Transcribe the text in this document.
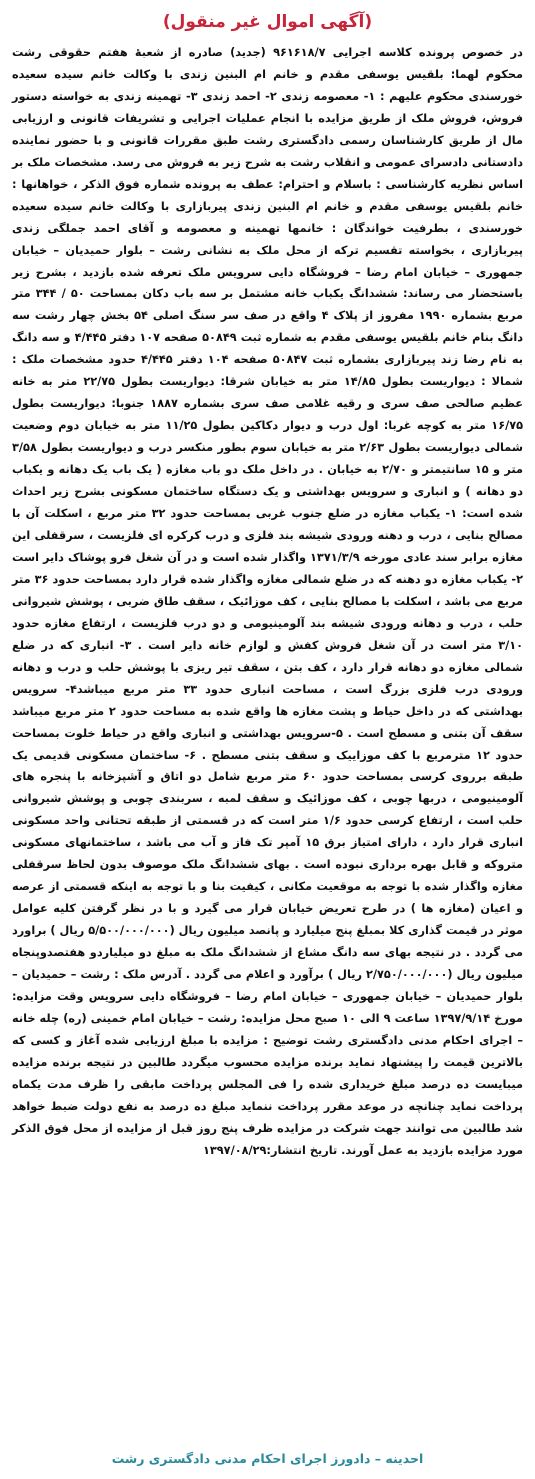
(آگهی اموال غیر منقول)
در خصوص پرونده کلاسه اجرایی ۹۶۱۶۱۸/۷ (جدید) صادره از شعبهٔ هفتم حقوقی رشت محکوم لهما: بلقیس یوسفی مقدم و خانم ام البنین زندی با وکالت خانم سیده سعیده خورسندی محکوم علیهم : ۱- معصومه زندی ۲- احمد زندی ۳- تهمینه زندی به خواسته دستور فروش، فروش ملک از طریق مزایده با انجام عملیات اجرایی و تشریفات قانونی و ارزیابی مال از طریق کارشناسان رسمی دادگستری رشت طبق مقررات قانونی و با حضور نماینده دادستانی دادسرای عمومی و انقلاب رشت به شرح زیر به فروش می رسد. مشخصات ملک بر اساس نظریه کارشناسی : باسلام و احترام: عطف به پرونده شماره فوق الذکر ، خواهانها : خانم بلقیس یوسفی مقدم و خانم ام البنین زندی پیربازاری با وکالت خانم سیده سعیده خورسندی ، بطرفیت خواندگان : خانمها تهمینه و معصومه و آقای احمد جملگی زندی پیربازاری ، بخواسته تقسیم ترکه از محل ملک به نشانی رشت – بلوار حمیدیان – خیابان جمهوری – خیابان امام رضا – فروشگاه دایی سرویس ملک تعرفه شده بازدید ، بشرح زیر باستحضار می رساند: ششدانگ یکباب خانه مشتمل بر سه باب دکان بمساحت ۵۰ / ۳۴۴ متر مربع بشماره ۱۹۹۰ مفروز از پلاک ۴ واقع در صف سر سنگ اصلی ۵۴ بخش چهار رشت سه دانگ بنام خانم بلقیس یوسفی مقدم به شماره ثبت ۵۰۸۴۹ صفحه ۱۰۷ دفتر ۴/۴۴۵ و سه دانگ به نام رضا زند پیربازاری بشماره ثبت ۵۰۸۴۷ صفحه ۱۰۴ دفتر ۴/۴۴۵ حدود مشخصات ملک : شمالا : دیواریست بطول ۱۴/۸۵ متر به خیابان شرقا: دیواریست بطول ۲۲/۷۵ متر به خانه عظیم صالحی صف سری و رقیه غلامی صف سری بشماره ۱۸۸۷ جنوبا: دیواریست بطول ۱۶/۷۵ متر به کوچه غربا: اول درب و دیوار دکاکین بطول ۱۱/۲۵ متر به خیابان دوم وضعیت شمالی دیواریست بطول ۲/۶۳ متر به خیابان سوم بطور منکسر درب و دیواریست بطول ۳/۵۸ متر و ۱۵ سانتیمتر و ۲/۷۰ به خیابان . در داخل ملک دو باب مغازه ( یک باب یک دهانه و یکباب دو دهانه ) و انباری و سرویس بهداشتی و یک دستگاه ساختمان مسکونی بشرح زیر احداث شده است: ۱- یکباب مغازه در ضلع جنوب غربی بمساحت حدود ۳۲ متر مربع ، اسکلت آن با مصالح بنایی ، درب و دهنه ورودی شیشه بند فلزی و درب کرکره ای فلزیست ، سرقفلی این مغازه برابر سند عادی مورخه ۱۳۷۱/۳/۹ واگذار شده است و در آن شغل فرو پوشاک دایر است ۲- یکباب مغازه دو دهنه که در ضلع شمالی مغازه واگذار شده قرار دارد بمساحت حدود ۳۶ متر مربع می باشد ، اسکلت با مصالح بنایی ، کف موزائیک ، سقف طاق ضربی ، پوشش شیروانی حلب ، درب و دهانه ورودی شیشه بند آلومینیومی و دو درب فلزیست ، ارتفاع مغازه حدود ۳/۱۰ متر است در آن شغل فروش کفش و لوازم خانه دایر است . ۳- انباری که در ضلع شمالی مغازه دو دهانه قرار دارد ، کف بتن ، سقف تیر ریزی با پوشش حلب و درب و دهانه ورودی درب فلزی بزرگ است ، مساحت انباری حدود ۳۳ متر مربع میباشد۴- سرویس بهداشتی که در داخل حیاط و پشت مغازه ها واقع شده به مساحت حدود ۲ متر مربع میباشد سقف آن بتنی و مسطح است . ۵-سرویس بهداشتی و انباری واقع در حیاط خلوت بمساحت حدود ۱۲ مترمربع با کف موزاییک و سقف بتنی مسطح . ۶- ساختمان مسکونی قدیمی یک طبقه برروی کرسی بمساحت حدود ۶۰ متر مربع شامل دو اتاق و آشپزخانه با پنجره های آلومینیومی ، دربها چوبی ، کف موزائیک و سقف لمبه ، سربندی چوبی و پوشش شیروانی حلب است ، ارتفاع کرسی حدود ۱/۶ متر است که در قسمتی از طبقه تحتانی واحد مسکونی انباری قرار دارد ، دارای امتیاز برق ۱۵ آمپر تک فاز و آب می باشد ، ساختمانهای مسکونی متروکه و قابل بهره برداری نبوده است . بهای ششدانگ ملک موصوف بدون لحاظ سرقفلی مغازه واگذار شده با توجه به موقعیت مکانی ، کیفیت بنا و با توجه به اینکه قسمتی از عرصه و اعیان (مغازه ها ) در طرح تعریض خیابان قرار می گیرد و با در نظر گرفتن کلیه عوامل موثر در قیمت گذاری کلا بمبلغ پنج میلیارد و پانصد میلیون ریال (۵/۵۰۰/۰۰۰/۰۰۰ ریال ) براورد می گردد . در نتیجه بهای سه دانگ مشاع از ششدانگ ملک به مبلغ دو میلیاردو هفتصدوپنجاه میلیون ریال (۲/۷۵۰/۰۰۰/۰۰۰ ریال ) برآورد و اعلام می گردد . آدرس ملک : رشت – حمیدیان – بلوار حمیدیان – خیابان جمهوری – خیابان امام رضا – فروشگاه دایی سرویس وقت مزایده: مورخ ۱۳۹۷/۹/۱۴ ساعت ۹ الی ۱۰ صبح محل مزایده: رشت – خیابان امام خمینی (ره) چله خانه – اجرای احکام مدنی دادگستری رشت توضیح : مزایده با مبلغ ارزیابی شده آغاز و کسی که بالاترین قیمت را پیشنهاد نماید برنده مزایده محسوب میگردد طالبین در نتیجه برنده مزایده میبایست ده درصد مبلغ خریداری شده را فی المجلس پرداخت مابقی را ظرف مدت یکماه پرداخت نماید چنانچه در موعد مقرر پرداخت ننماید مبلغ ده درصد به نفع دولت ضبط خواهد شد طالبین می توانند جهت شرکت در مزایده ظرف پنج روز قبل از مزایده از محل فوق الذکر مورد مزایده بازدید به عمل آورند. تاریخ انتشار:۱۳۹۷/۰۸/۲۹
احدینه – دادورز اجرای احکام مدنی دادگستری رشت
